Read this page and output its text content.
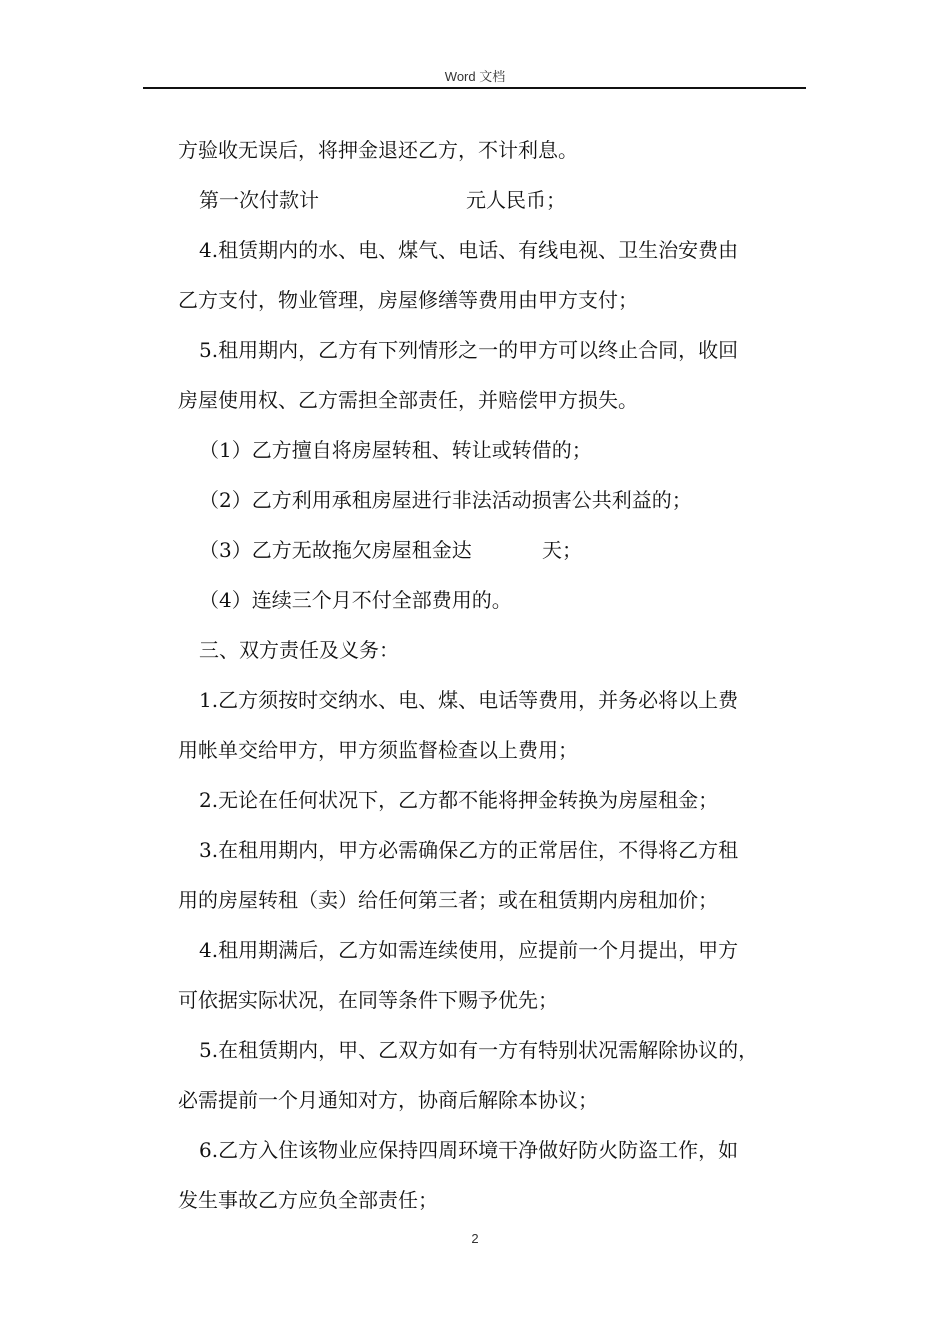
Word 文档
方验收无误后，将押金退还乙方，不计利息。
第一次付款计	元人民币；
4.租赁期内的水、电、煤气、电话、有线电视、卫生治安费由
乙方支付，物业管理，房屋修缮等费用由甲方支付；
5.租用期内，乙方有下列情形之一的甲方可以终止合同，收回
房屋使用权、乙方需担全部责任，并赔偿甲方损失。
（1）乙方擅自将房屋转租、转让或转借的；
（2）乙方利用承租房屋进行非法活动损害公共利益的；
（3）乙方无故拖欠房屋租金达	天；
（4）连续三个月不付全部费用的。
三、双方责任及义务：
1.乙方须按时交纳水、电、煤、电话等费用，并务必将以上费
用帐单交给甲方，甲方须监督检查以上费用；
2.无论在任何状况下，乙方都不能将押金转换为房屋租金；
3.在租用期内，甲方必需确保乙方的正常居住，不得将乙方租
用的房屋转租（卖）给任何第三者；或在租赁期内房租加价；
4.租用期满后，乙方如需连续使用，应提前一个月提出，甲方
可依据实际状况，在同等条件下赐予优先；
5.在租赁期内，甲、乙双方如有一方有特别状况需解除协议的，
必需提前一个月通知对方，协商后解除本协议；
6.乙方入住该物业应保持四周环境干净做好防火防盗工作，如
发生事故乙方应负全部责任；
2
